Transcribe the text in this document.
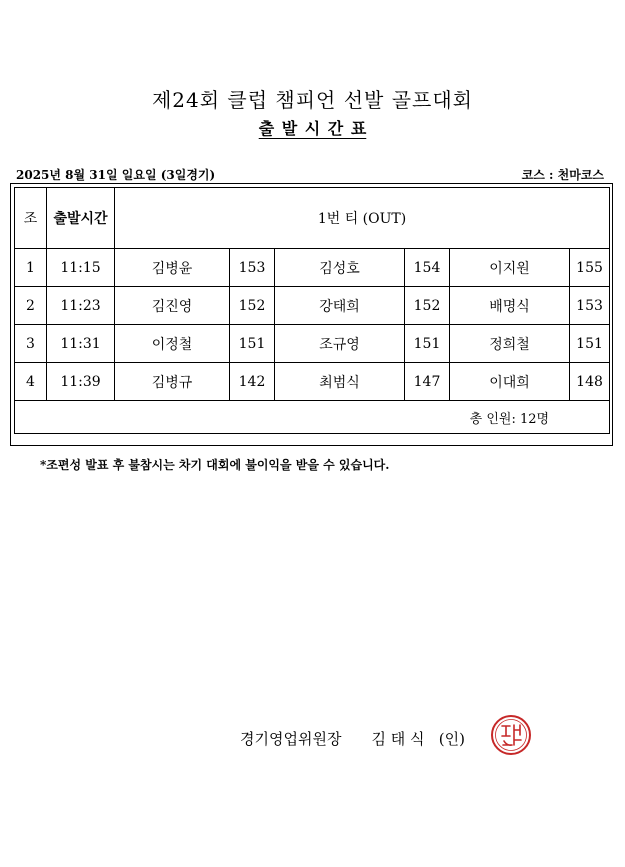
제24회 클럽 챔피언 선발 골프대회
출 발 시 간 표
2025년 8월 31일 일요일 (3일경기)	코스 : 천마코스
조	출발시간	1번 티 (OUT)					
1	11:15	김병윤	153	김성호	154	이지원	155
2	11:23	김진영	152	강태희	152	배명식	153
3	11:31	이정철	151	조규영	151	정희철	151
4	11:39	김병규	142	최범식	147	이대희	148
총 인원: 12명							
*조편성 발표 후 불참시는 차기 대회에 불이익을 받을 수 있습니다.
경기영업위원장 김 태 식 (인)
